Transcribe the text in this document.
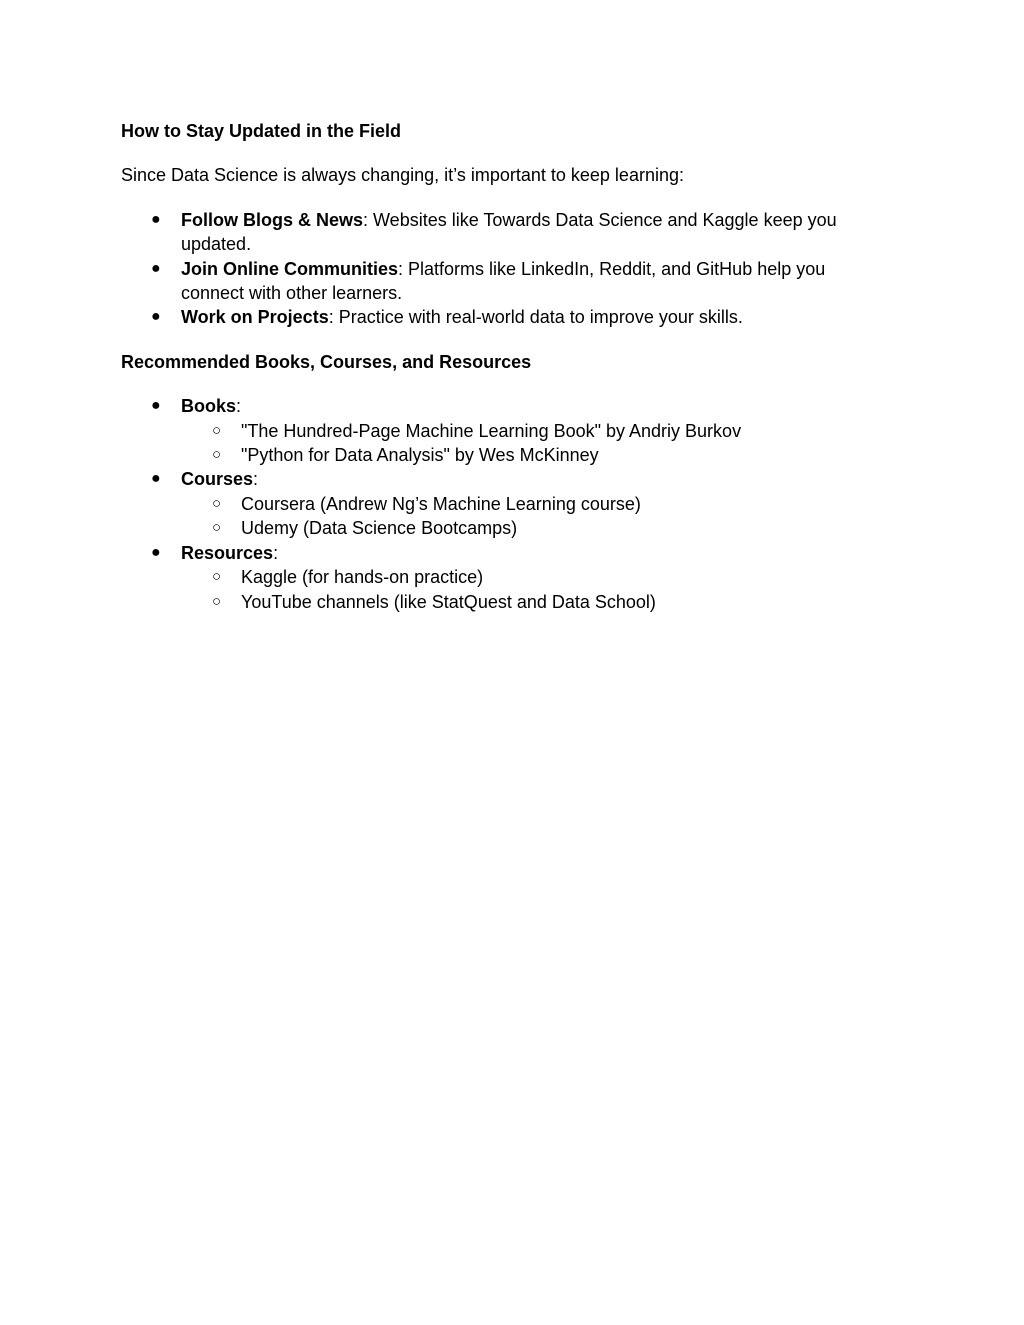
How to Stay Updated in the Field

Since Data Science is always changing, it’s important to keep learning:

● Follow Blogs & News: Websites like Towards Data Science and Kaggle keep you updated.
● Join Online Communities: Platforms like LinkedIn, Reddit, and GitHub help you connect with other learners.
● Work on Projects: Practice with real-world data to improve your skills.

Recommended Books, Courses, and Resources

● Books:
○ "The Hundred-Page Machine Learning Book" by Andriy Burkov
○ "Python for Data Analysis" by Wes McKinney
● Courses:
○ Coursera (Andrew Ng’s Machine Learning course)
○ Udemy (Data Science Bootcamps)
● Resources:
○ Kaggle (for hands-on practice)
○ YouTube channels (like StatQuest and Data School)
